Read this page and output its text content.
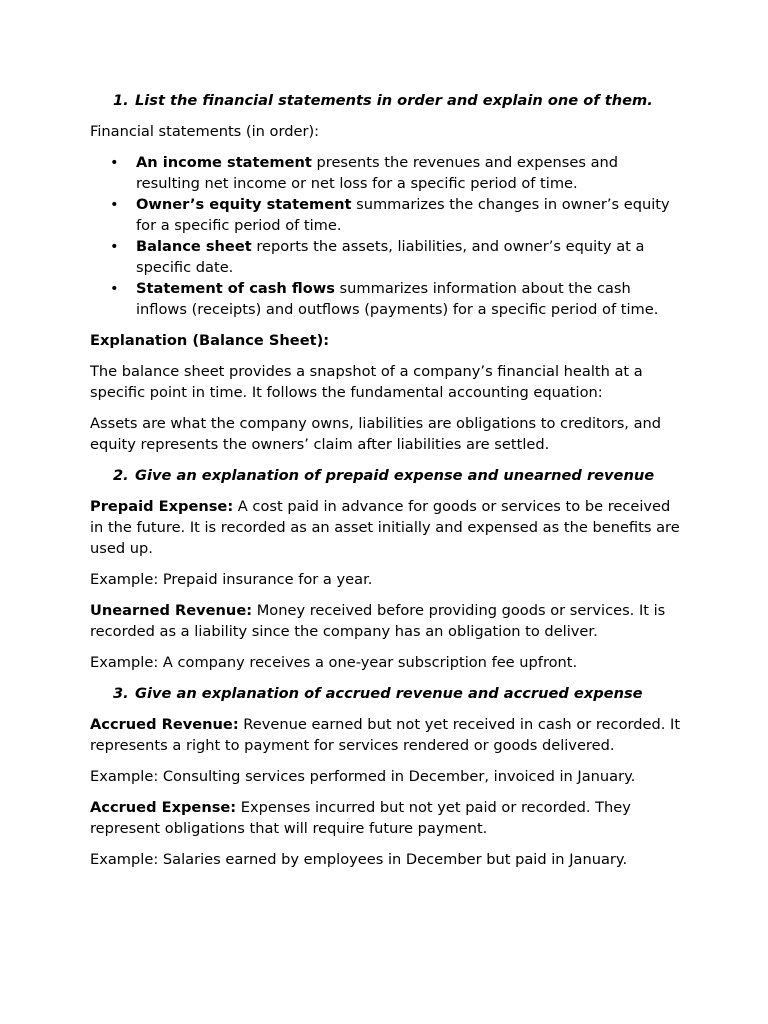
1. List the financial statements in order and explain one of them.

Financial statements (in order):

• An income statement presents the revenues and expenses and resulting net income or net loss for a specific period of time.
• Owner’s equity statement summarizes the changes in owner’s equity for a specific period of time.
• Balance sheet reports the assets, liabilities, and owner’s equity at a specific date.
• Statement of cash flows summarizes information about the cash inflows (receipts) and outflows (payments) for a specific period of time.

Explanation (Balance Sheet):

The balance sheet provides a snapshot of a company’s financial health at a specific point in time. It follows the fundamental accounting equation:

Assets are what the company owns, liabilities are obligations to creditors, and equity represents the owners’ claim after liabilities are settled.

2. Give an explanation of prepaid expense and unearned revenue

Prepaid Expense: A cost paid in advance for goods or services to be received in the future. It is recorded as an asset initially and expensed as the benefits are used up.

Example: Prepaid insurance for a year.

Unearned Revenue: Money received before providing goods or services. It is recorded as a liability since the company has an obligation to deliver.

Example: A company receives a one-year subscription fee upfront.

3. Give an explanation of accrued revenue and accrued expense

Accrued Revenue: Revenue earned but not yet received in cash or recorded. It represents a right to payment for services rendered or goods delivered.

Example: Consulting services performed in December, invoiced in January.

Accrued Expense: Expenses incurred but not yet paid or recorded. They represent obligations that will require future payment.

Example: Salaries earned by employees in December but paid in January.
